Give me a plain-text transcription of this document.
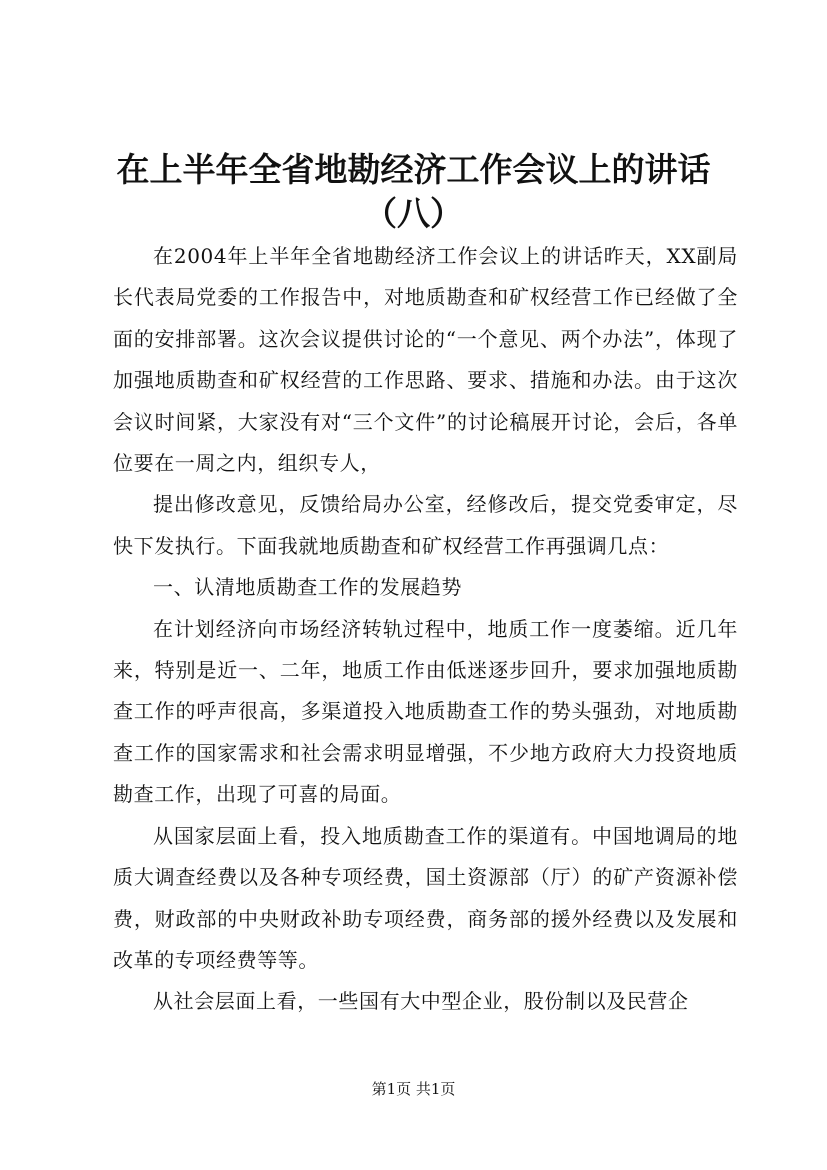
在上半年全省地勘经济工作会议上的讲话
（八）

在2004年上半年全省地勘经济工作会议上的讲话昨天，XX副局长代表局党委的工作报告中，对地质勘查和矿权经营工作已经做了全面的安排部署。这次会议提供讨论的“一个意见、两个办法”，体现了加强地质勘查和矿权经营的工作思路、要求、措施和办法。由于这次会议时间紧，大家没有对“三个文件”的讨论稿展开讨论，会后，各单位要在一周之内，组织专人，

提出修改意见，反馈给局办公室，经修改后，提交党委审定，尽快下发执行。下面我就地质勘查和矿权经营工作再强调几点：

一、认清地质勘查工作的发展趋势

在计划经济向市场经济转轨过程中，地质工作一度萎缩。近几年来，特别是近一、二年，地质工作由低迷逐步回升，要求加强地质勘查工作的呼声很高，多渠道投入地质勘查工作的势头强劲，对地质勘查工作的国家需求和社会需求明显增强，不少地方政府大力投资地质勘查工作，出现了可喜的局面。

从国家层面上看，投入地质勘查工作的渠道有。中国地调局的地质大调查经费以及各种专项经费，国土资源部（厅）的矿产资源补偿费，财政部的中央财政补助专项经费，商务部的援外经费以及发展和改革的专项经费等等。

从社会层面上看，一些国有大中型企业，股份制以及民营企

第1页 共1页
